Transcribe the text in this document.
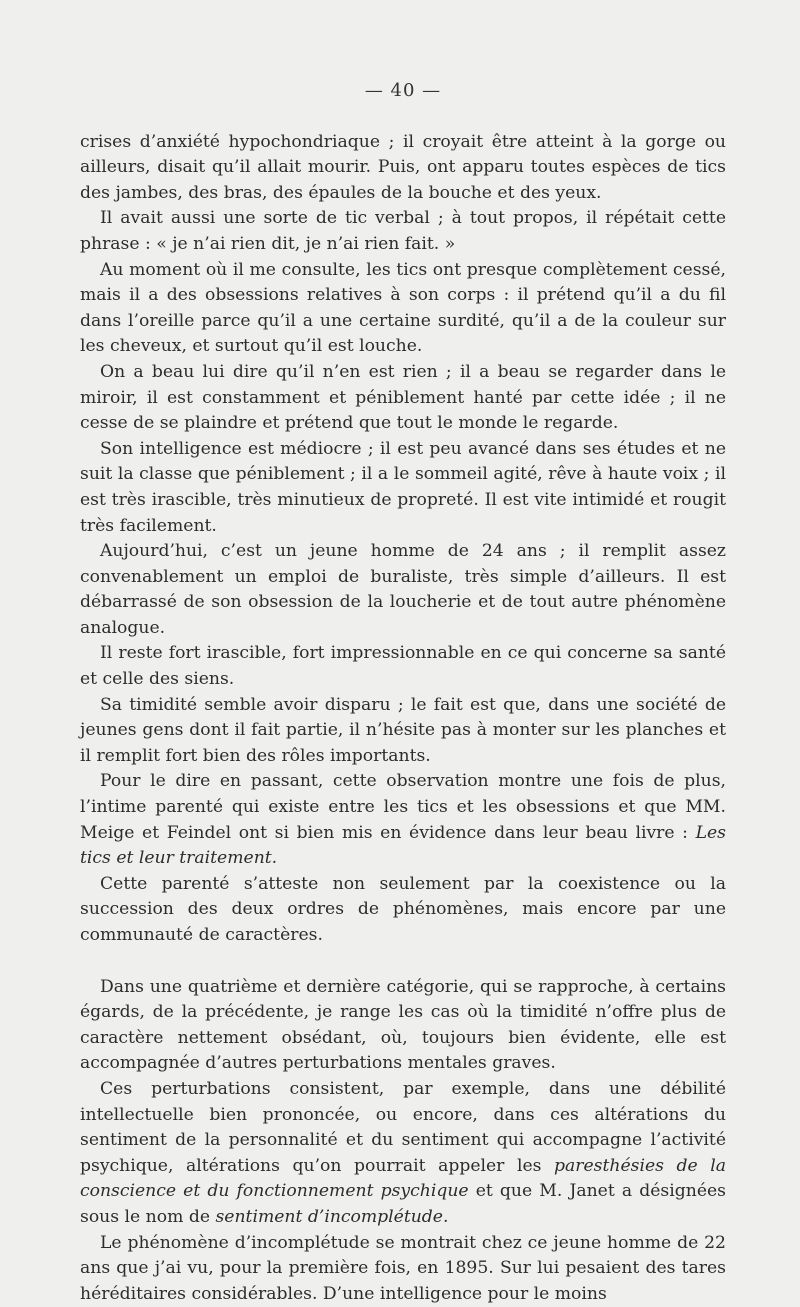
— 40 —

crises d’anxiété hypochondriaque ; il croyait être atteint à la gorge ou ailleurs, disait qu’il allait mourir. Puis, ont apparu toutes espèces de tics des jambes, des bras, des épaules de la bouche et des yeux.

Il avait aussi une sorte de tic verbal ; à tout propos, il répétait cette phrase : « je n’ai rien dit, je n’ai rien fait. »

Au moment où il me consulte, les tics ont presque complètement cessé, mais il a des obsessions relatives à son corps : il prétend qu’il a du fil dans l’oreille parce qu’il a une certaine surdité, qu’il a de la couleur sur les cheveux, et surtout qu’il est louche.

On a beau lui dire qu’il n’en est rien ; il a beau se regarder dans le miroir, il est constamment et péniblement hanté par cette idée ; il ne cesse de se plaindre et prétend que tout le monde le regarde.

Son intelligence est médiocre ; il est peu avancé dans ses études et ne suit la classe que péniblement ; il a le sommeil agité, rêve à haute voix ; il est très irascible, très minutieux de propreté. Il est vite intimidé et rougit très facilement.

Aujourd’hui, c’est un jeune homme de 24 ans ; il remplit assez convenablement un emploi de buraliste, très simple d’ailleurs. Il est débarrassé de son obsession de la loucherie et de tout autre phénomène analogue.

Il reste fort irascible, fort impressionnable en ce qui concerne sa santé et celle des siens.

Sa timidité semble avoir disparu ; le fait est que, dans une société de jeunes gens dont il fait partie, il n’hésite pas à monter sur les planches et il remplit fort bien des rôles importants.

Pour le dire en passant, cette observation montre une fois de plus, l’intime parenté qui existe entre les tics et les obsessions et que MM. Meige et Feindel ont si bien mis en évidence dans leur beau livre : Les tics et leur traitement.

Cette parenté s’atteste non seulement par la coexistence ou la succession des deux ordres de phénomènes, mais encore par une communauté de caractères.

Dans une quatrième et dernière catégorie, qui se rapproche, à certains égards, de la précédente, je range les cas où la timidité n’offre plus de caractère nettement obsédant, où, toujours bien évidente, elle est accompagnée d’autres perturbations mentales graves.

Ces perturbations consistent, par exemple, dans une débilité intellectuelle bien prononcée, ou encore, dans ces altérations du sentiment de la personnalité et du sentiment qui accompagne l’activité psychique, altérations qu’on pourrait appeler les paresthésies de la conscience et du fonctionnement psychique et que M. Janet a désignées sous le nom de sentiment d’incomplétude.

Le phénomène d’incomplétude se montrait chez ce jeune homme de 22 ans que j’ai vu, pour la première fois, en 1895. Sur lui pesaient des tares héréditaires considérables. D’une intelligence pour le moins
